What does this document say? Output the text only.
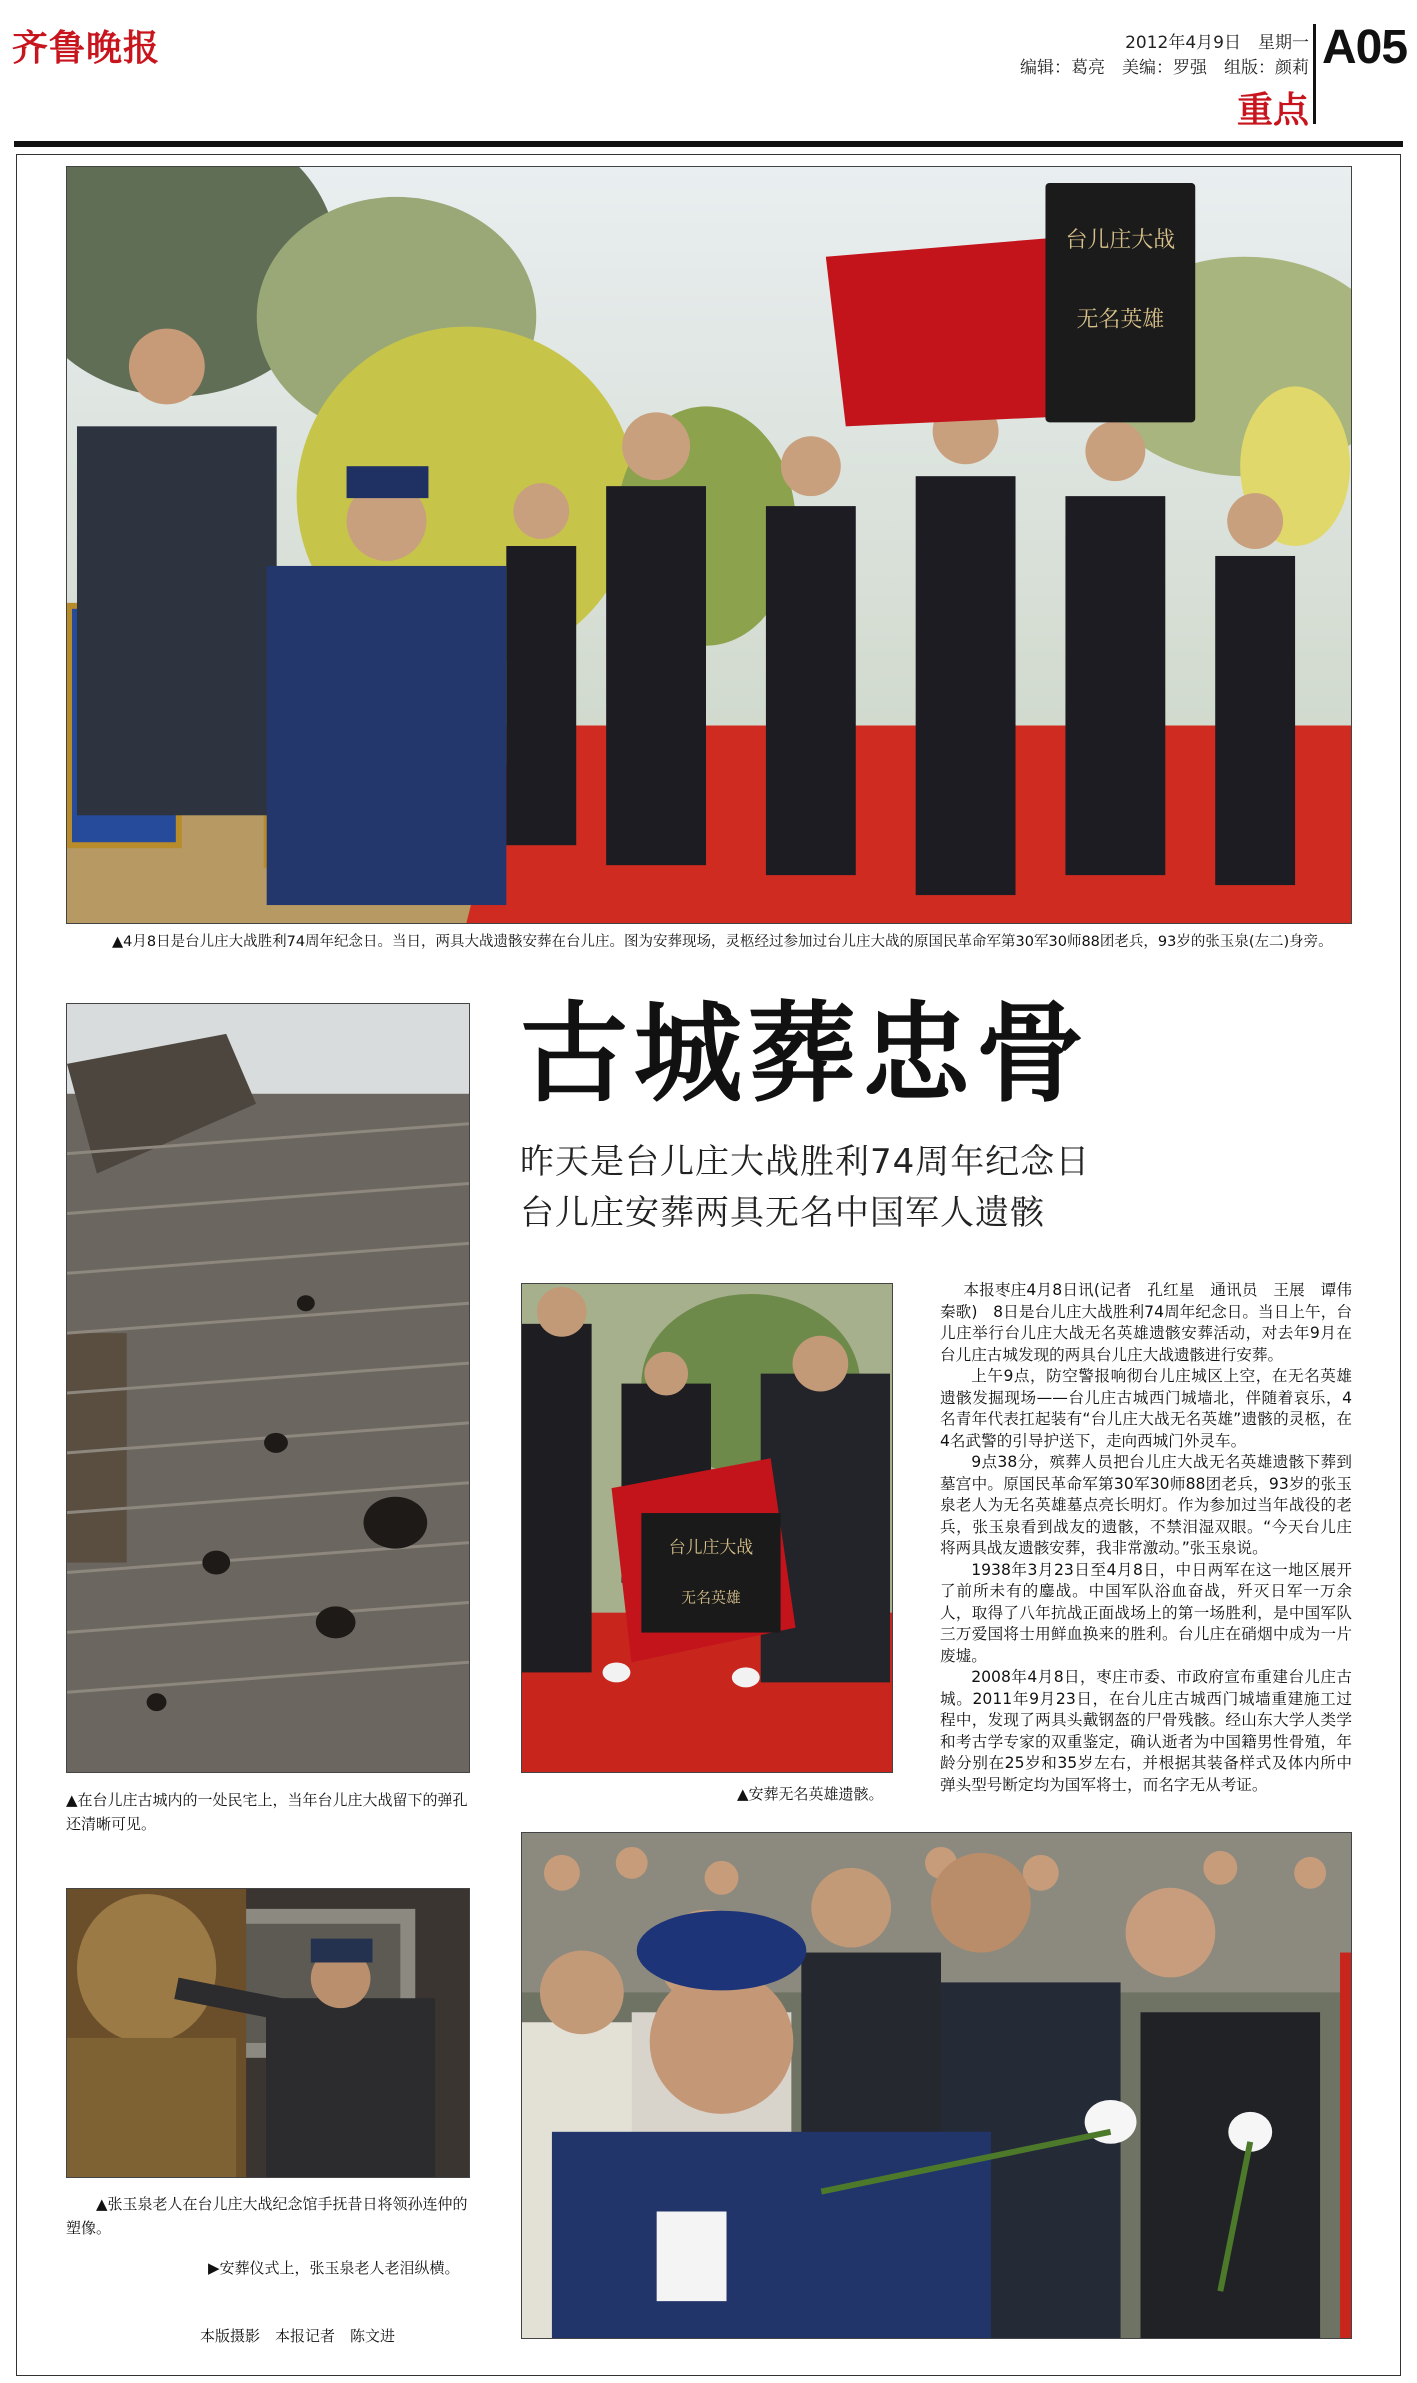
齐鲁晚报	2012年4月9日　星期一
编辑：葛亮　美编：罗强　组版：颜莉
重点
A05
台儿庄大战
无名英雄
▲4月8日是台儿庄大战胜利74周年纪念日。当日，两具大战遗骸安葬在台儿庄。图为安葬现场，灵柩经过参加过台儿庄大战的原国民革命军第30军30师88团老兵，93岁的张玉泉(左二)身旁。
▲在台儿庄古城内的一处民宅上，当年台儿庄大战留下的弹孔还清晰可见。
古城葬忠骨
昨天是台儿庄大战胜利74周年纪念日
台儿庄安葬两具无名中国军人遗骸
台儿庄大战
无名英雄
▲安葬无名英雄遗骸。

本报枣庄4月8日讯(记者　孔红星　通讯员　王展　谭伟　秦歌)　8日是台儿庄大战胜利74周年纪念日。当日上午，台儿庄举行台儿庄大战无名英雄遗骸安葬活动，对去年9月在台儿庄古城发现的两具台儿庄大战遗骸进行安葬。

上午9点，防空警报响彻台儿庄城区上空，在无名英雄遗骸发掘现场——台儿庄古城西门城墙北，伴随着哀乐，4名青年代表扛起装有“台儿庄大战无名英雄”遗骸的灵柩，在4名武警的引导护送下，走向西城门外灵车。

9点38分，殡葬人员把台儿庄大战无名英雄遗骸下葬到墓宫中。原国民革命军第30军30师88团老兵，93岁的张玉泉老人为无名英雄墓点亮长明灯。作为参加过当年战役的老兵，张玉泉看到战友的遗骸，不禁泪湿双眼。“今天台儿庄将两具战友遗骸安葬，我非常激动。”张玉泉说。

1938年3月23日至4月8日，中日两军在这一地区展开了前所未有的鏖战。中国军队浴血奋战，歼灭日军一万余人，取得了八年抗战正面战场上的第一场胜利，是中国军队三万爱国将士用鲜血换来的胜利。台儿庄在硝烟中成为一片废墟。

2008年4月8日，枣庄市委、市政府宣布重建台儿庄古城。2011年9月23日，在台儿庄古城西门城墙重建施工过程中，发现了两具头戴钢盔的尸骨残骸。经山东大学人类学和考古学专家的双重鉴定，确认逝者为中国籍男性骨殖，年龄分别在25岁和35岁左右，并根据其装备样式及体内所中弹头型号断定均为国军将士，而名字无从考证。

▲张玉泉老人在台儿庄大战纪念馆手抚昔日将领孙连仲的塑像。
▶安葬仪式上，张玉泉老人老泪纵横。
本版摄影　本报记者　陈文进
